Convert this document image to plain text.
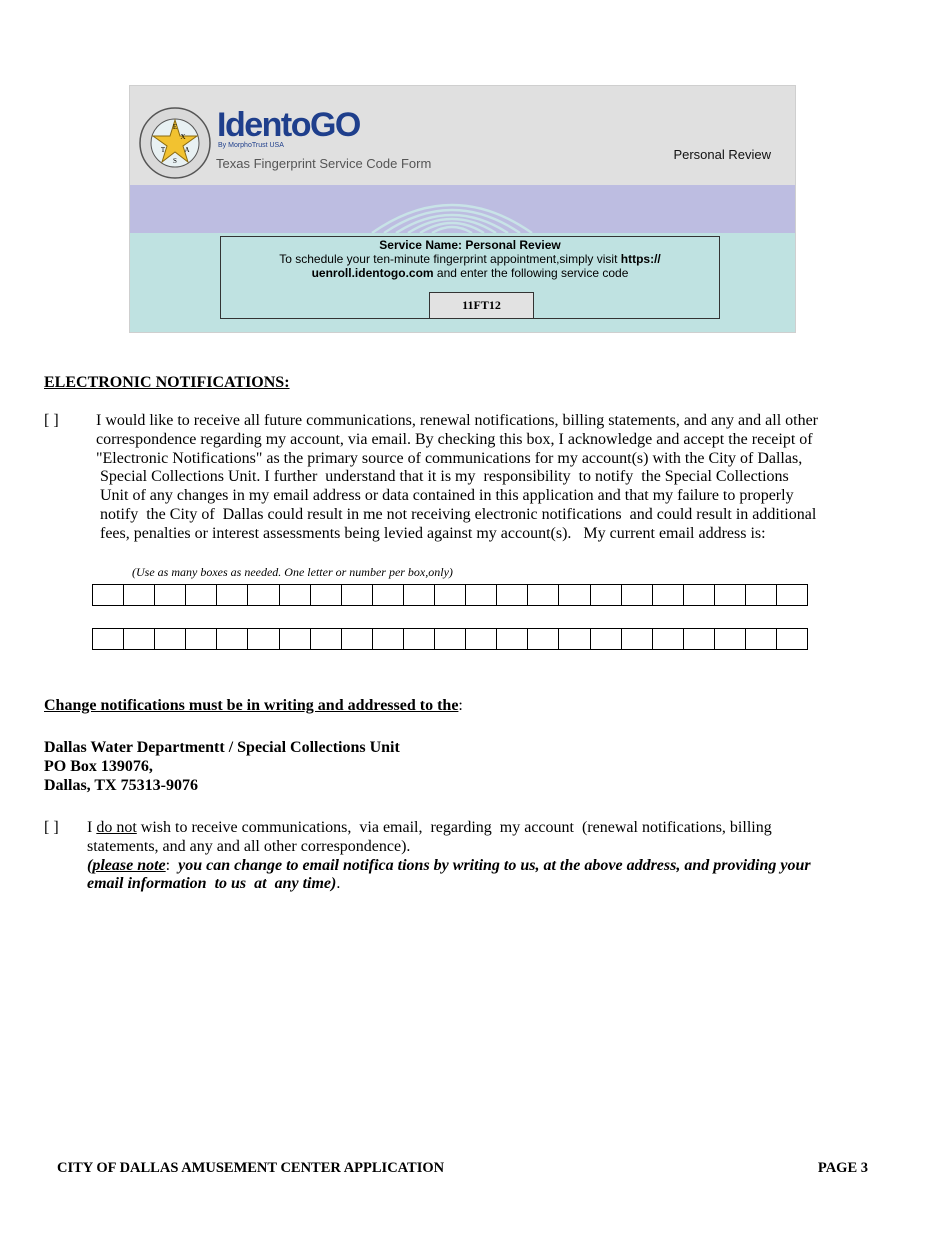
E
X
T	A
S
IdentoGO
By MorphoTrust USA
Texas Fingerprint Service Code Form
Personal Review
Service Name: Personal Review
To schedule your ten-minute fingerprint appointment,simply visit https://
uenroll.identogo.com and enter the following service code
11FT12
ELECTRONIC NOTIFICATIONS:
[ ] I would like to receive all future communications, renewal notifications, billing statements, and any and all other
correspondence regarding my account, via email. By checking this box, I acknowledge and accept the receipt of
"Electronic Notifications" as the primary source of communications for my account(s) with the City of Dallas,
Special Collections Unit. I further  understand that it is my  responsibility  to notify  the Special Collections
Unit of any changes in my email address or data contained in this application and that my failure to properly
notify  the City of  Dallas could result in me not receiving electronic notifications  and could result in additional
fees, penalties or interest assessments being levied against my account(s).   My current email address is:
(Use as many boxes as needed. One letter or number per box,only)

Change notifications must be in writing and addressed to the:
Dallas Water Departmentt / Special Collections Unit
PO Box 139076,
Dallas, TX 75313-9076
[ ] I do not wish to receive communications,  via email,  regarding  my account  (renewal notifications, billing
statements, and any and all other correspondence).
(please note:  you can change to email notifica tions by writing to us, at the above address, and providing your
email information  to us  at  any time).
CITY OF DALLAS AMUSEMENT CENTER APPLICATION	PAGE 3
